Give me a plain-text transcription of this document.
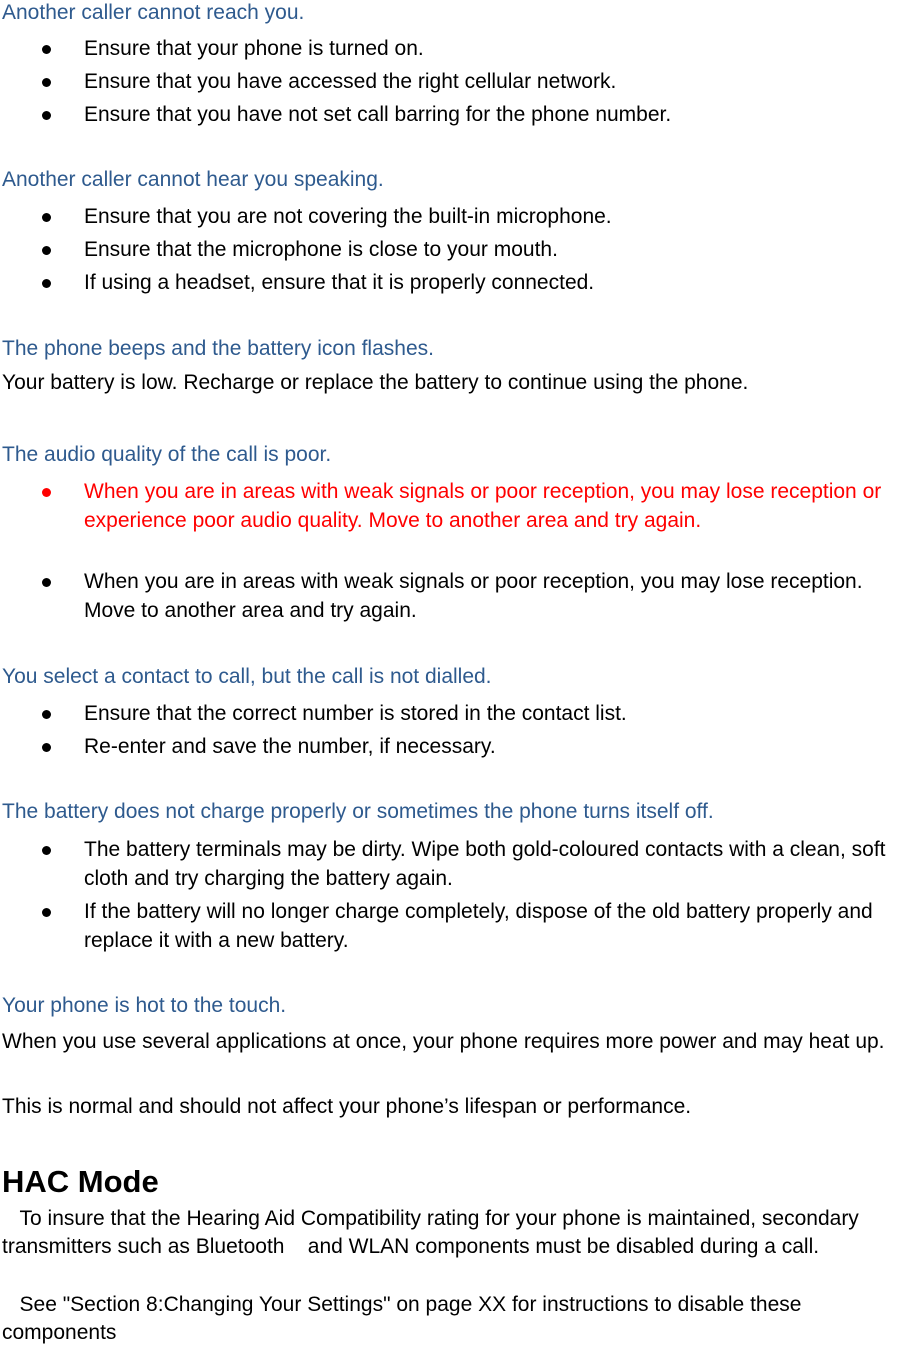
Another caller cannot reach you.
Ensure that your phone is turned on.
Ensure that you have accessed the right cellular network.
Ensure that you have not set call barring for the phone number.
Another caller cannot hear you speaking.
Ensure that you are not covering the built-in microphone.
Ensure that the microphone is close to your mouth.
If using a headset, ensure that it is properly connected.
The phone beeps and the battery icon flashes.
Your battery is low. Recharge or replace the battery to continue using the phone.
The audio quality of the call is poor.
When you are in areas with weak signals or poor reception, you may lose reception or experience poor audio quality. Move to another area and try again.
When you are in areas with weak signals or poor reception, you may lose reception. Move to another area and try again.
You select a contact to call, but the call is not dialled.
Ensure that the correct number is stored in the contact list.
Re-enter and save the number, if necessary.
The battery does not charge properly or sometimes the phone turns itself off.
The battery terminals may be dirty. Wipe both gold-coloured contacts with a clean, soft cloth and try charging the battery again.
If the battery will no longer charge completely, dispose of the old battery properly and replace it with a new battery.
Your phone is hot to the touch.
When you use several applications at once, your phone requires more power and may heat up.
This is normal and should not affect your phone’s lifespan or performance.
HAC Mode
To insure that the Hearing Aid Compatibility rating for your phone is maintained, secondary transmitters such as Bluetooth    and WLAN components must be disabled during a call.
See "Section 8:Changing Your Settings" on page XX for instructions to disable these components
